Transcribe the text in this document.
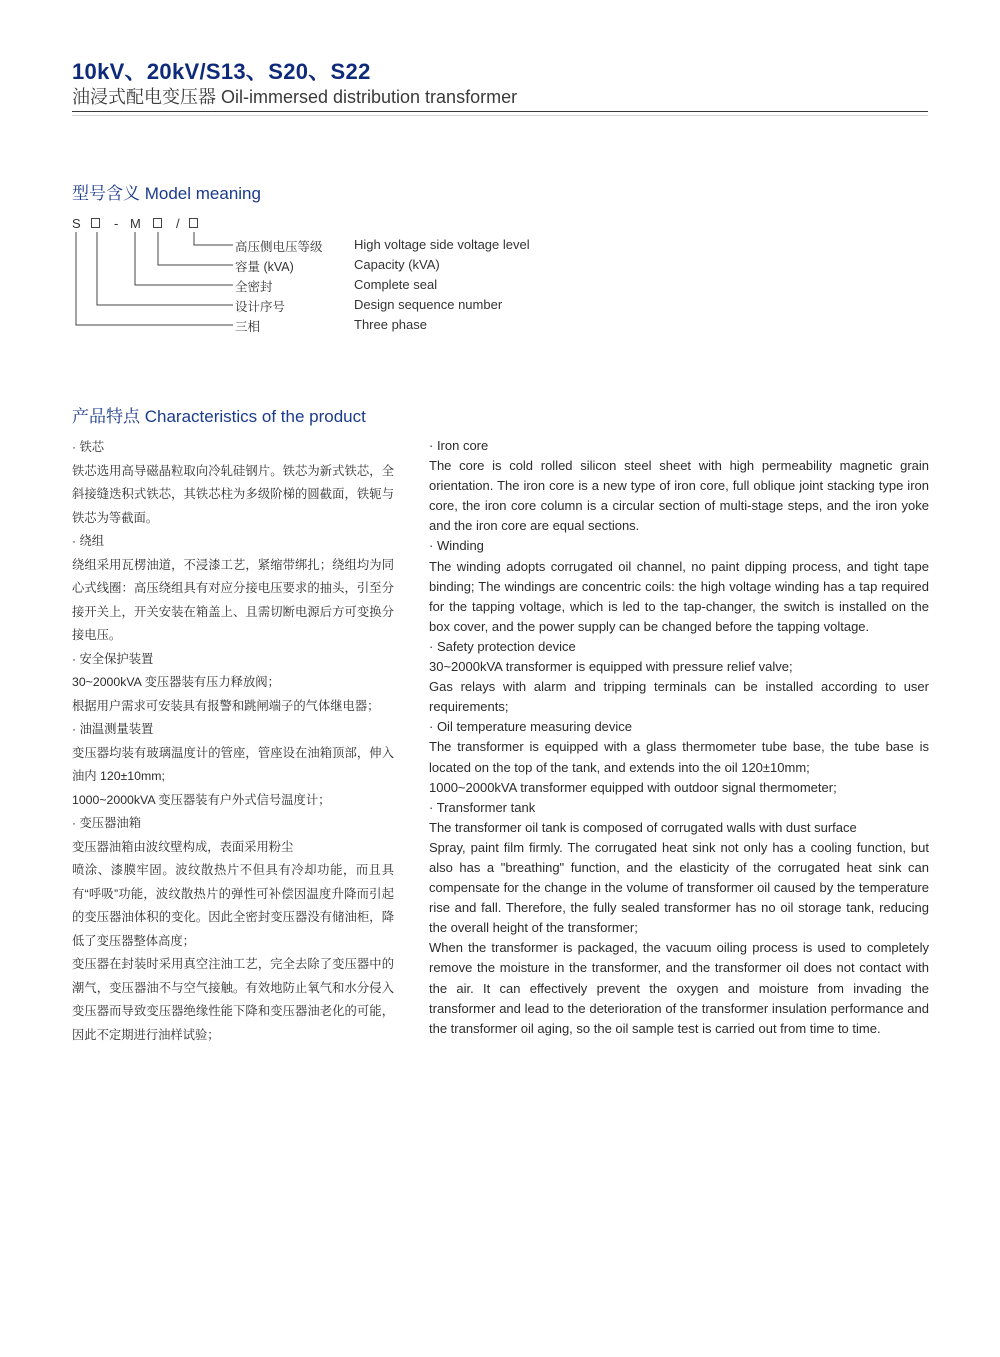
10kV、20kV/S13、S20、S22
油浸式配电变压器 Oil-immersed distribution transformer
型号含义 Model meaning
S	- M	/
高压侧电压等级
容量 (kVA)
全密封
设计序号
三相
High voltage side voltage level
Capacity (kVA)
Complete seal
Design sequence number
Three phase
产品特点 Characteristics of the product

· 铁芯

铁芯选用高导磁晶粒取向冷轧硅钢片。铁芯为新式铁芯，全斜接缝迭积式铁芯，其铁芯柱为多级阶梯的圆截面，铁轭与铁芯为等截面。

· 绕组

绕组采用瓦楞油道，不浸漆工艺，紧缩带绑扎；绕组均为同心式线圈：高压绕组具有对应分接电压要求的抽头，引至分接开关上，开关安装在箱盖上、且需切断电源后方可变换分接电压。

· 安全保护装置

30~2000kVA 变压器装有压力释放阀；

根据用户需求可安装具有报警和跳闸端子的气体继电器；

· 油温测量装置

变压器均装有玻璃温度计的管座，管座设在油箱顶部，伸入油内 120±10mm;

1000~2000kVA 变压器装有户外式信号温度计；

· 变压器油箱

变压器油箱由波纹壁构成，表面采用粉尘

喷涂、漆膜牢固。波纹散热片不但具有冷却功能，而且具有“呼吸”功能，波纹散热片的弹性可补偿因温度升降而引起的变压器油体积的变化。因此全密封变压器没有储油柜，降低了变压器整体高度；

变压器在封装时采用真空注油工艺，完全去除了变压器中的潮气，变压器油不与空气接触。有效地防止氧气和水分侵入变压器而导致变压器绝缘性能下降和变压器油老化的可能，因此不定期进行油样试验；

· Iron core

The core is cold rolled silicon steel sheet with high permeability magnetic grain orientation. The iron core is a new type of iron core, full oblique joint stacking type iron core, the iron core column is a circular section of multi-stage steps, and the iron yoke and the iron core are equal sections.

· Winding

The winding adopts corrugated oil channel, no paint dipping process, and tight tape binding; The windings are concentric coils: the high voltage winding has a tap required for the tapping voltage, which is led to the tap-changer, the switch is installed on the box cover, and the power supply can be changed before the tapping voltage.

· Safety protection device

30~2000kVA transformer is equipped with pressure relief valve;

Gas relays with alarm and tripping terminals can be installed according to user requirements;

· Oil temperature measuring device

The transformer is equipped with a glass thermometer tube base, the tube base is located on the top of the tank, and extends into the oil 120±10mm;

1000~2000kVA transformer equipped with outdoor signal thermometer;

· Transformer tank

The transformer oil tank is composed of corrugated walls with dust surface

Spray, paint film firmly. The corrugated heat sink not only has a cooling function, but also has a "breathing" function, and the elasticity of the corrugated heat sink can compensate for the change in the volume of transformer oil caused by the temperature rise and fall. Therefore, the fully sealed transformer has no oil storage tank, reducing the overall height of the transformer;

When the transformer is packaged, the vacuum oiling process is used to completely remove the moisture in the transformer, and the transformer oil does not contact with the air. It can effectively prevent the oxygen and moisture from invading the transformer and lead to the deterioration of the transformer insulation performance and the transformer oil aging, so the oil sample test is carried out from time to time.
